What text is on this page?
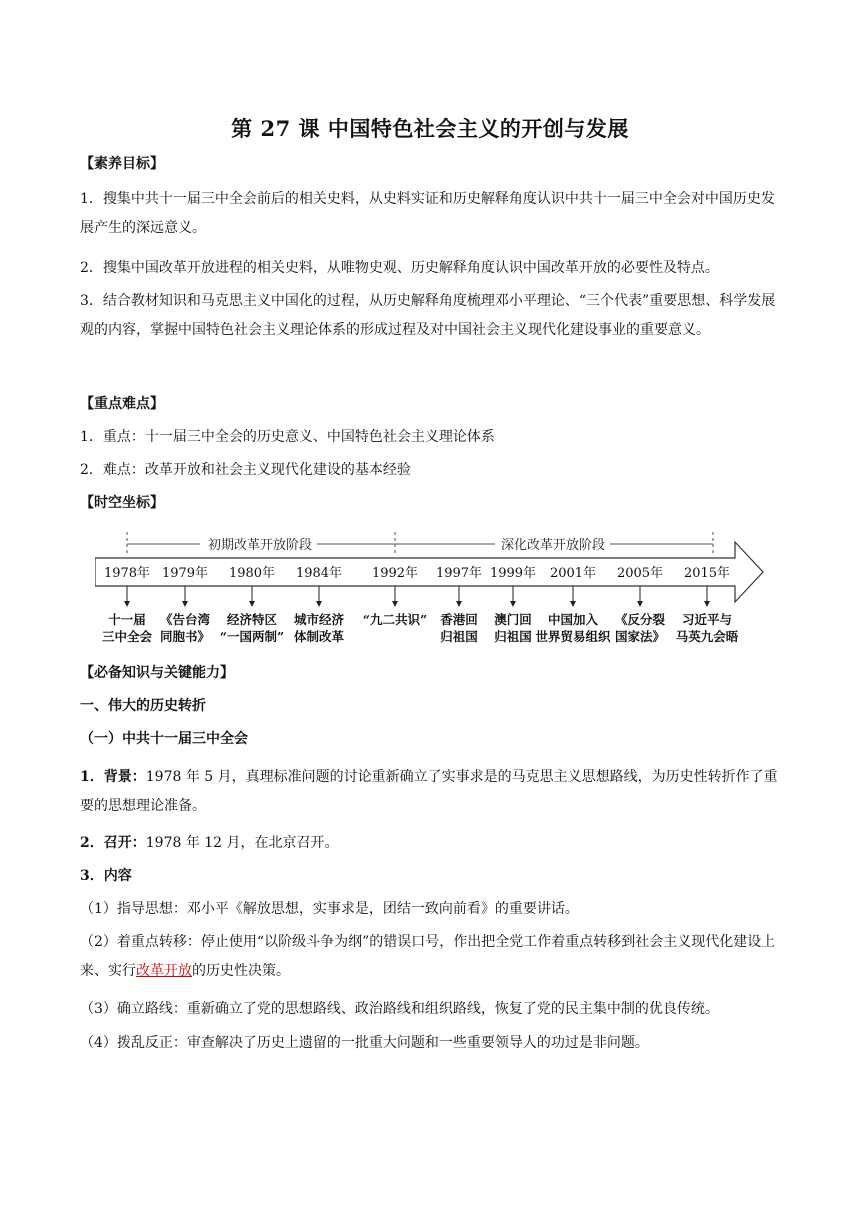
第 27 课 中国特色社会主义的开创与发展

【素养目标】

1．搜集中共十一届三中全会前后的相关史料，从史料实证和历史解释角度认识中共十一届三中全会对中国历史发展产生的深远意义。

2．搜集中国改革开放进程的相关史料，从唯物史观、历史解释角度认识中国改革开放的必要性及特点。

3．结合教材知识和马克思主义中国化的过程，从历史解释角度梳理邓小平理论、“三个代表”重要思想、科学发展观的内容，掌握中国特色社会主义理论体系的形成过程及对中国社会主义现代化建设事业的重要意义。

【重点难点】

1．重点：十一届三中全会的历史意义、中国特色社会主义理论体系

2．难点：改革开放和社会主义现代化建设的基本经验

【时空坐标】

初期改革开放阶段	深化改革开放阶段
1978年 1979年 1980年 1984年 1992年 1997年 1999年 2001年 2005年 2015年
十一届
三中全会
《告台湾
同胞书》
经济特区
“一国两制”
城市经济
体制改革
“九二共识” 香港回
归祖国
澳门回
归祖国
中国加入
世界贸易组织
《反分裂
国家法》
习近平与
马英九会晤

【必备知识与关键能力】

一、伟大的历史转折

（一）中共十一届三中全会

1．背景：1978 年 5 月，真理标准问题的讨论重新确立了实事求是的马克思主义思想路线，为历史性转折作了重要的思想理论准备。

2．召开：1978 年 12 月，在北京召开。

3．内容

（1）指导思想：邓小平《解放思想，实事求是，团结一致向前看》的重要讲话。

（2）着重点转移：停止使用“以阶级斗争为纲”的错误口号，作出把全党工作着重点转移到社会主义现代化建设上来、实行改革开放的历史性决策。

（3）确立路线：重新确立了党的思想路线、政治路线和组织路线，恢复了党的民主集中制的优良传统。

（4）拨乱反正：审查解决了历史上遗留的一批重大问题和一些重要领导人的功过是非问题。
